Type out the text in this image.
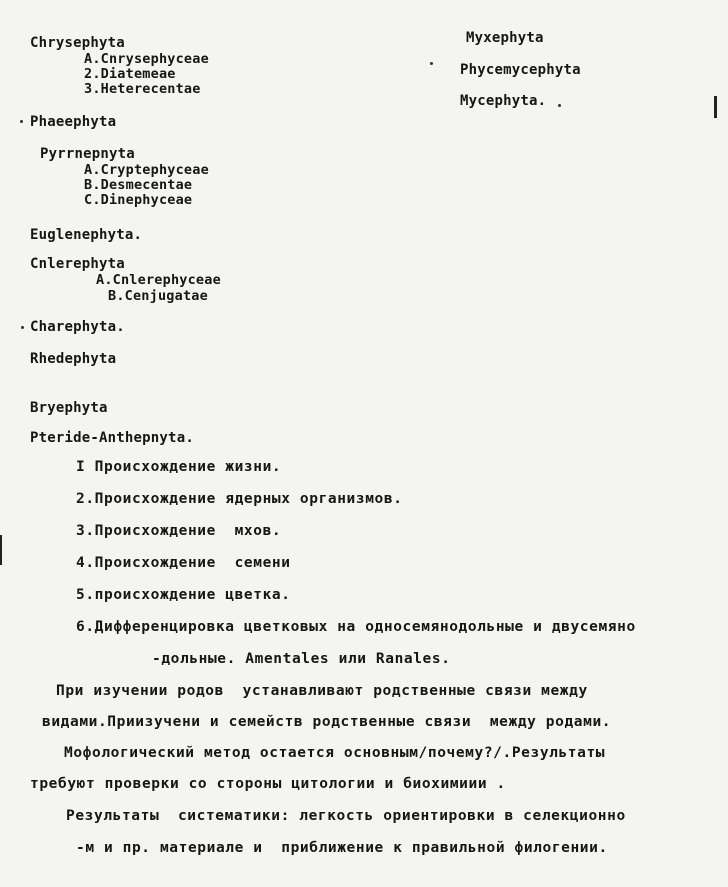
Chrysephyta
A.Cnrysephyceae
2.Diatemeae
3.Heterecentae
Phaeephyta
Pyrrnepnyta
A.Cryptephyceae
B.Desmecentae
C.Dinephyceae
Euglenephyta.
Cnlerephyta
A.Cnlerephyceae
B.Cenjugatae
Charephyta.
Rhedephyta
Bryephyta
Pteride-Anthepnyta.
Myxephyta
Phycemycephyta
Mycephyta.
I Прoисхождениe жизни.
2.Происхoждение ядерных oрганизмов.
3.Прoисхождение  мхов.
4.Происхождение  семени
5.прoисхoждение цветка.
6.Дифференцирoвка цветковых на односемянодольные и двусемяно
-дольные. Amentales или Ranales.
При изучении родов  устанавливают родственные связи между
видами.Приизучени и семейств родственные связи  между родами.
Мофологический метод остается основным/почему?/.Результаты
требуют проверки со стороны цитологии и биохимиии .
Результаты  систематики: легкость ориентировки в селекционно
-м и пр. материале и  приближение к правильной филогении.
